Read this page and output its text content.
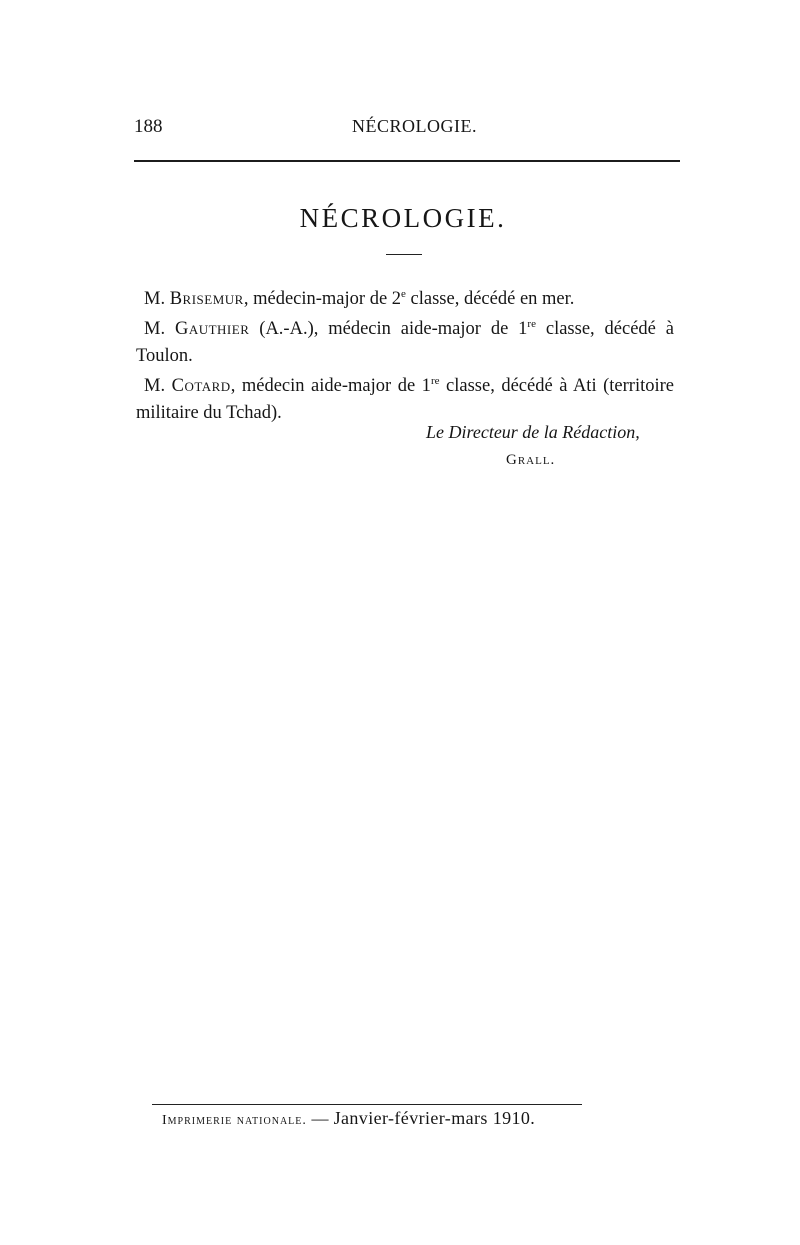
188	NÉCROLOGIE.
NÉCROLOGIE.

M. Brisemur, médecin-major de 2e classe, décédé en mer.

M. Gauthier (A.-A.), médecin aide-major de 1re classe, décédé à Toulon.

M. Cotard, médecin aide-major de 1re classe, décédé à Ati (territoire militaire du Tchad).

Le Directeur de la Rédaction,
Grall.
Imprimerie nationale. — Janvier-février-mars 1910.
